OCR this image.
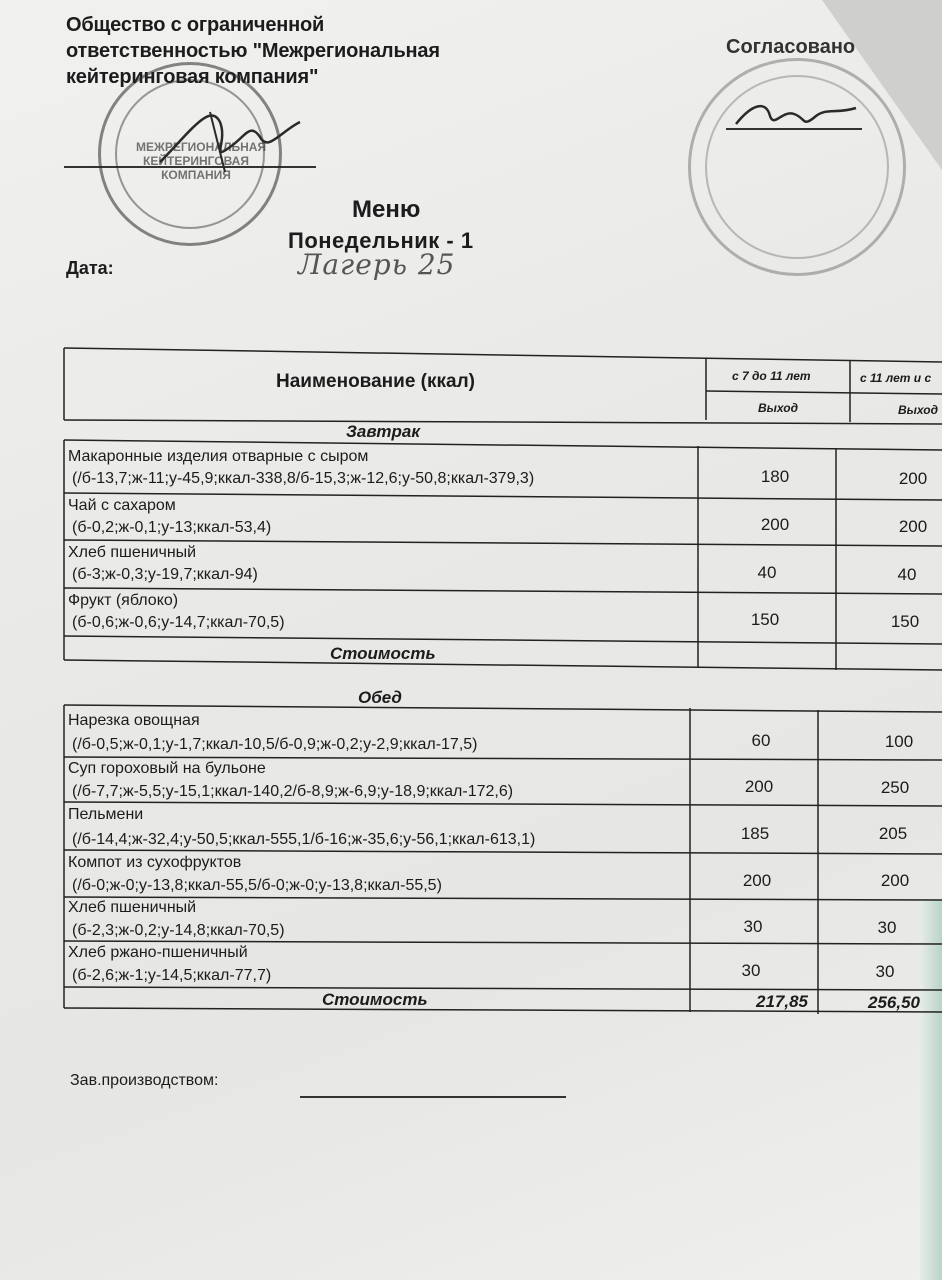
Общество с ограниченной
ответственностью "Межрегиональная
кейтеринговая компания"
МЕЖРЕГИОНАЛЬНАЯ
КЕЙТЕРИНГОВАЯ
КОМПАНИЯ
Согласовано
Меню
Понедельник - 1
Дата:	Лагерь 25
Наименование (ккал)	с 7 до 11 лет	с 11 лет и с
Выход	Выход
Завтрак
Макаронные изделия отварные с сыром
(/б-13,7;ж-11;у-45,9;ккал-338,8/б-15,3;ж-12,6;у-50,8;ккал-379,3)	180	200
Чай с сахаром
(б-0,2;ж-0,1;у-13;ккал-53,4)	200	200
Хлеб пшеничный
(б-3;ж-0,3;у-19,7;ккал-94)	40	40
Фрукт (яблоко)
(б-0,6;ж-0,6;у-14,7;ккал-70,5)	150	150
Стоимость
Обед
Нарезка овощная
(/б-0,5;ж-0,1;у-1,7;ккал-10,5/б-0,9;ж-0,2;у-2,9;ккал-17,5)	60	100
Суп гороховый на бульоне
(/б-7,7;ж-5,5;у-15,1;ккал-140,2/б-8,9;ж-6,9;у-18,9;ккал-172,6)	200	250
Пельмени
(/б-14,4;ж-32,4;у-50,5;ккал-555,1/б-16;ж-35,6;у-56,1;ккал-613,1)	185	205
Компот из сухофруктов
(/б-0;ж-0;у-13,8;ккал-55,5/б-0;ж-0;у-13,8;ккал-55,5)	200	200
Хлеб пшеничный
(б-2,3;ж-0,2;у-14,8;ккал-70,5)	30	30
Хлеб ржано-пшеничный
(б-2,6;ж-1;у-14,5;ккал-77,7)	30	30
Стоимость	217,85	256,50
Зав.производством:
